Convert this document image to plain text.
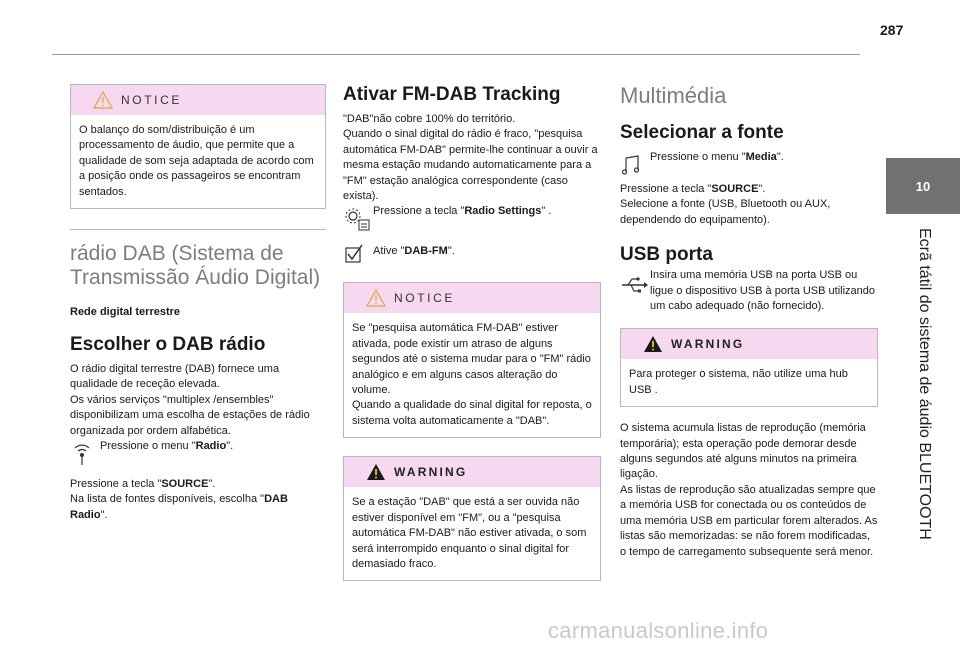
287
10
Ecrã tátil do sistema de áudio BLUETOOTH
NOTICE
O balanço do som/distribuição é um processamento de áudio, que permite que a qualidade de som seja adaptada de acordo com a posição onde os passageiros se encontram sentados.
rádio DAB (Sistema de Transmissão Áudio Digital)
Rede digital terrestre
Escolher o DAB rádio
O rádio digital terrestre (DAB) fornece uma qualidade de receção elevada.
Os vários serviços "multiplex /ensembles" disponibilizam uma escolha de estações de rádio organizada por ordem alfabética.
Pressione o menu "Radio".
Pressione a tecla "SOURCE".
Na lista de fontes disponíveis, escolha "DAB Radio".
Ativar FM-DAB Tracking
"DAB"não cobre 100% do território.
Quando o sinal digital do rádio é fraco, "pesquisa automática FM-DAB" permite-lhe continuar a ouvir a mesma estação mudando automaticamente para a "FM" estação analógica correspondente (caso exista).
Pressione a tecla "Radio Settings" .
Ative "DAB-FM".
NOTICE
Se "pesquisa automática FM-DAB" estiver ativada, pode existir um atraso de alguns segundos até o sistema mudar para o "FM" rádio analógico e em alguns casos alteração do volume.
Quando a qualidade do sinal digital for reposta, o sistema volta automaticamente a "DAB".
WARNING
Se a estação "DAB" que está a ser ouvida não estiver disponível em "FM", ou a "pesquisa automática FM-DAB" não estiver ativada, o som será interrompido enquanto o sinal digital for demasiado fraco.
Multimédia
Selecionar a fonte
Pressione o menu "Media".
Pressione a tecla "SOURCE".
Selecione a fonte (USB, Bluetooth ou AUX, dependendo do equipamento).
USB porta
Insira uma memória USB na porta USB ou ligue o dispositivo USB à porta USB utilizando um cabo adequado (não fornecido).
WARNING
Para proteger o sistema, não utilize uma hub USB .
O sistema acumula listas de reprodução (memória temporária); esta operação pode demorar desde alguns segundos até alguns minutos na primeira ligação.
As listas de reprodução são atualizadas sempre que a memória USB for conectada ou os conteúdos de uma memória USB em particular forem alterados. As listas são memorizadas: se não forem modificadas, o tempo de carregamento subsequente será menor.
carmanualsonline.info
